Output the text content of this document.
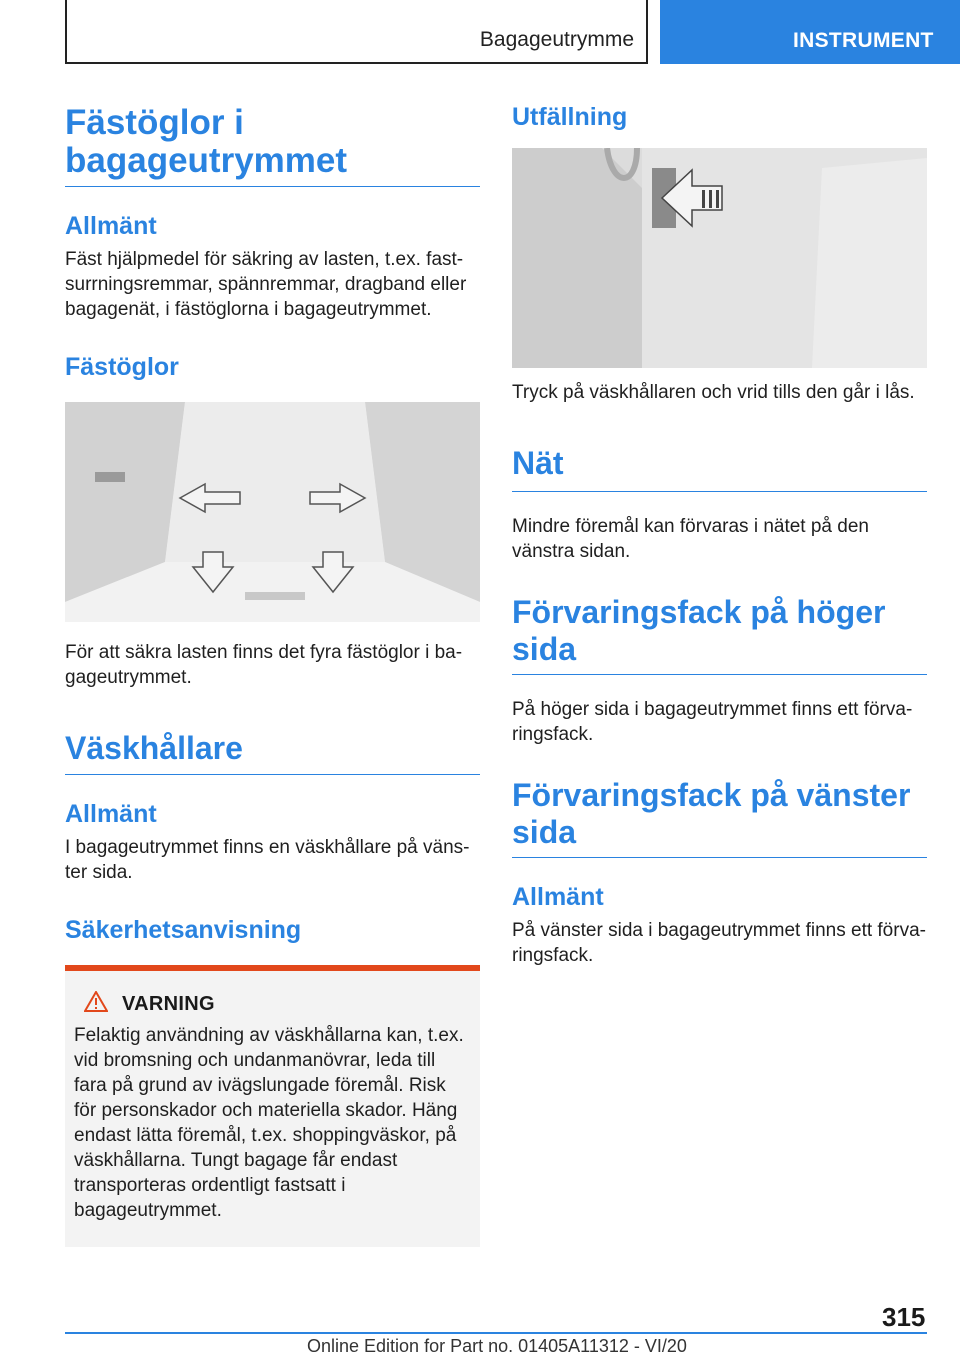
Bagageutrymme	INSTRUMENT
Fästöglor i bagageutrymmet
Allmänt

Fäst hjälpmedel för säkring av lasten, t.ex. fastsurrningsremmar, spännremmar, dragband eller bagagenät, i fästöglorna i bagageutrymmet.

Fästöglor

För att säkra lasten finns det fyra fästöglor i bagageutrymmet.

Väskhållare
Allmänt

I bagageutrymmet finns en väskhållare på vänster sida.

Säkerhetsanvisning
VARNING

Felaktig användning av väskhållarna kan, t.ex. vid bromsning och undanmanövrar, leda till fara på grund av ivägslungade föremål. Risk för personskador och materiella skador. Häng endast lätta föremål, t.ex. shoppingväskor, på väskhållarna. Tungt bagage får endast transporteras ordentligt fastsatt i bagageutrymmet.

Utfällning

Tryck på väskhållaren och vrid tills den går i lås.

Nät

Mindre föremål kan förvaras i nätet på den vänstra sidan.

Förvaringsfack på höger sida

På höger sida i bagageutrymmet finns ett förvaringsfack.

Förvaringsfack på vänster sida
Allmänt

På vänster sida i bagageutrymmet finns ett förvaringsfack.

315
Online Edition for Part no. 01405A11312 - VI/20
